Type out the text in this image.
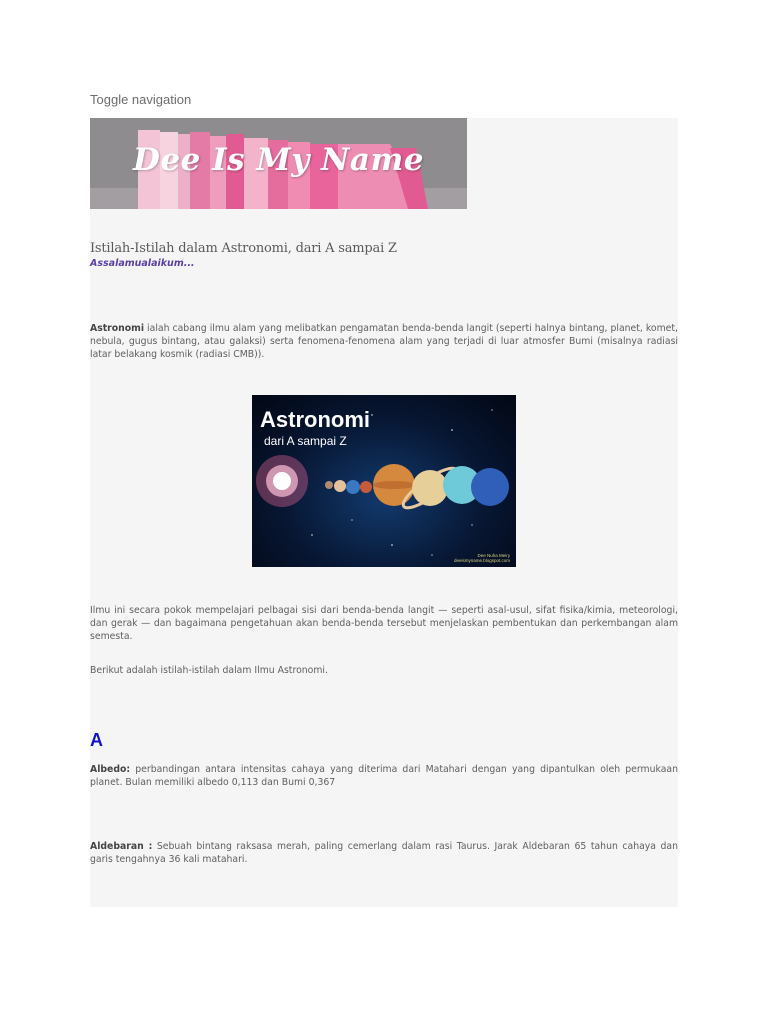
Toggle navigation
Dee Is My Name
Istilah-Istilah dalam Astronomi, dari A sampai Z
Assalamualaikum...

Astronomi ialah cabang ilmu alam yang melibatkan pengamatan benda-benda langit (seperti halnya bintang, planet, komet, nebula, gugus bintang, atau galaksi) serta fenomena-fenomena alam yang terjadi di luar atmosfer Bumi (misalnya radiasi latar belakang kosmik (radiasi CMB)).

Astronomi
dari A sampai Z
Dee Nuha Meiry
deeismyname.blogspot.com

Ilmu ini secara pokok mempelajari pelbagai sisi dari benda-benda langit — seperti asal-usul, sifat fisika/kimia, meteorologi, dan gerak — dan bagaimana pengetahuan akan benda-benda tersebut menjelaskan pembentukan dan perkembangan alam semesta.

Berikut adalah istilah-istilah dalam Ilmu Astronomi.

A

Albedo: perbandingan antara intensitas cahaya yang diterima dari Matahari dengan yang dipantulkan oleh permukaan planet. Bulan memiliki albedo 0,113 dan Bumi 0,367

Aldebaran : Sebuah bintang raksasa merah, paling cemerlang dalam rasi Taurus. Jarak Aldebaran 65 tahun cahaya dan garis tengahnya 36 kali matahari.
